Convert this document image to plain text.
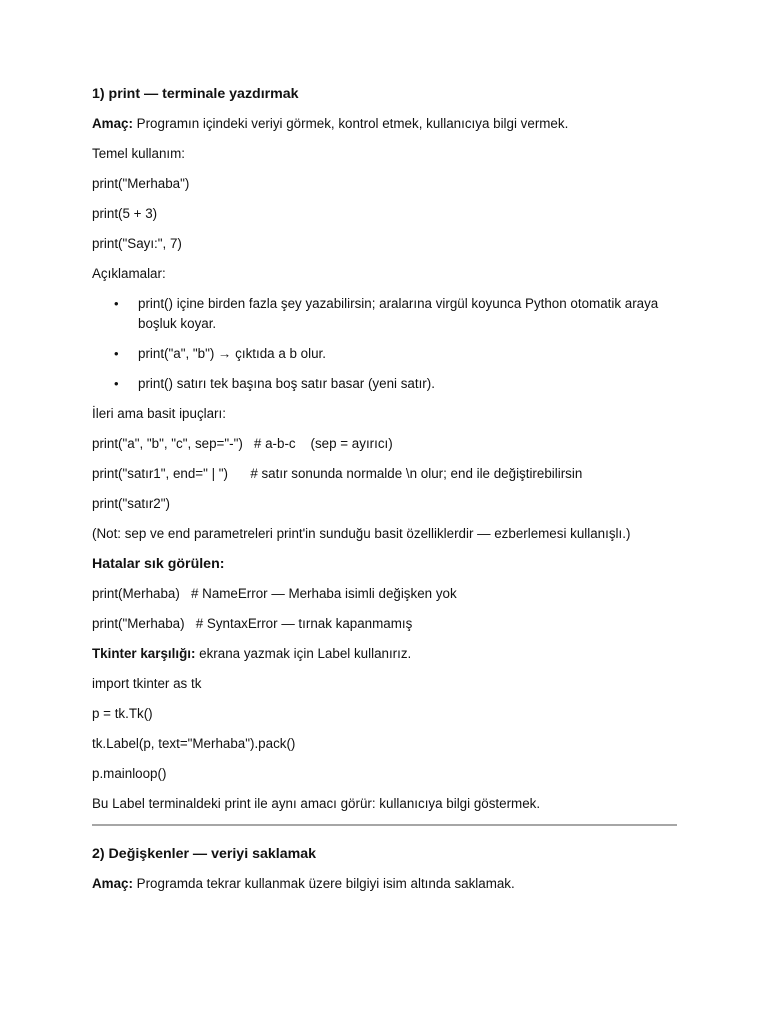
1) print — terminale yazdırmak
Amaç: Programın içindeki veriyi görmek, kontrol etmek, kullanıcıya bilgi vermek.
Temel kullanım:
print("Merhaba")
print(5 + 3)
print("Sayı:", 7)
Açıklamalar:
• print() içine birden fazla şey yazabilirsin; aralarına virgül koyunca Python otomatik araya boşluk koyar.
• print("a", "b") → çıktıda a b olur.
• print() satırı tek başına boş satır basar (yeni satır).
İleri ama basit ipuçları:
print("a", "b", "c", sep="-")   # a-b-c    (sep = ayırıcı)
print("satır1", end=" | ")      # satır sonunda normalde \n olur; end ile değiştirebilirsin
print("satır2")
(Not: sep ve end parametreleri print'in sunduğu basit özelliklerdir — ezberlemesi kullanışlı.)
Hatalar sık görülen:
print(Merhaba)   # NameError — Merhaba isimli değişken yok
print("Merhaba)   # SyntaxError — tırnak kapanmamış
Tkinter karşılığı: ekrana yazmak için Label kullanırız.
import tkinter as tk
p = tk.Tk()
tk.Label(p, text="Merhaba").pack()
p.mainloop()
Bu Label terminaldeki print ile aynı amacı görür: kullanıcıya bilgi göstermek.
2) Değişkenler — veriyi saklamak
Amaç: Programda tekrar kullanmak üzere bilgiyi isim altında saklamak.
